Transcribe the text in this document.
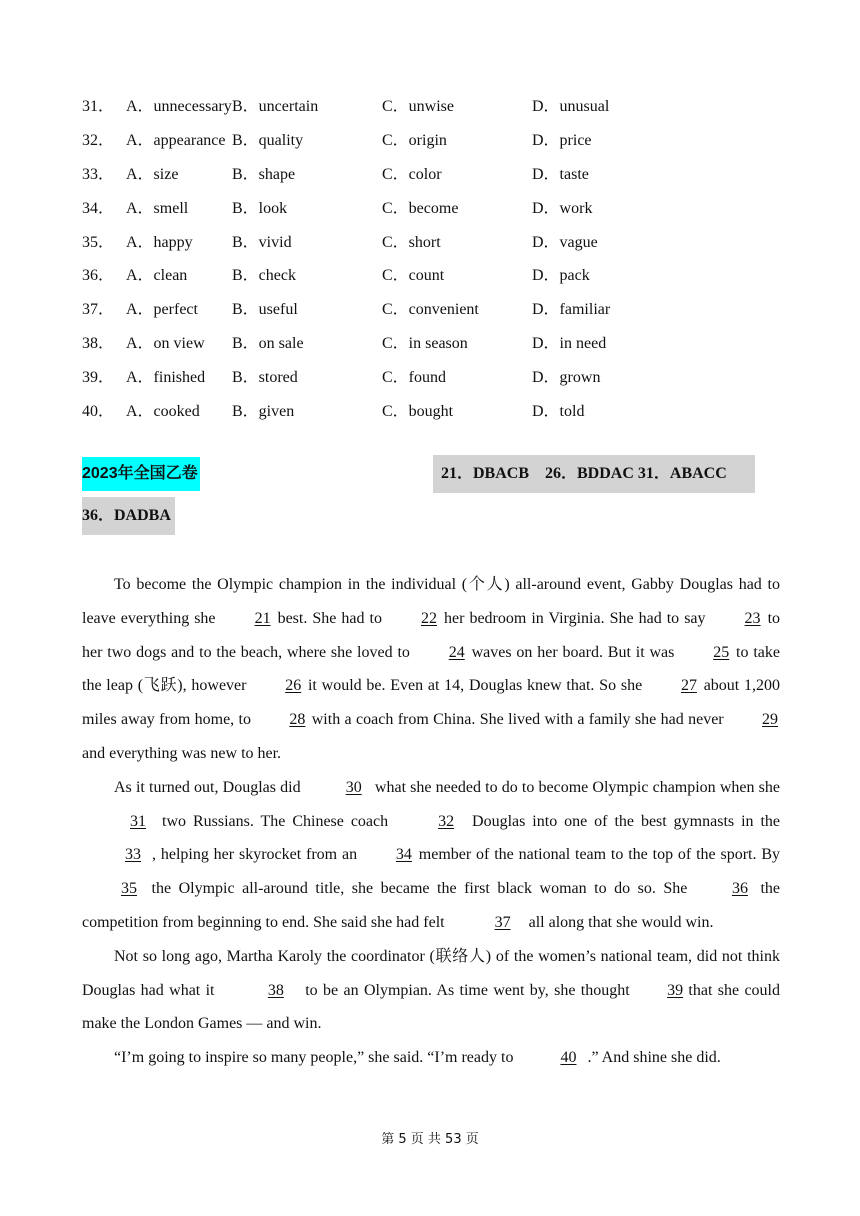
31． A．unnecessary B．uncertain	C．unwise	D．unusual
32． A．appearance B．quality	C．origin	D．price
33． A．size	B．shape	C．color	D．taste
34． A．smell	B．look	C．become	D．work
35． A．happy	B．vivid	C．short	D．vague
36． A．clean	B．check	C．count	D．pack
37． A．perfect	B．useful	C．convenient	D．familiar
38． A．on view	B．on sale	C．in season	D．in need
39． A．finished	B．stored	C．found	D．grown
40． A．cooked	B．given	C．bought	D．told
2023年全国乙卷	21．DBACB　26．BDDAC 31．ABACC
36．DADBA

To become the Olympic champion in the individual (个人) all-around event, Gabby Douglas had to leave everything she 21 best. She had to 22 her bedroom in Virginia. She had to say 23 to her two dogs and to the beach, where she loved to 24 waves on her board. But it was 25 to take the leap (飞跃), however 26 it would be. Even at 14, Douglas knew that. So she 27 about 1,200 miles away from home, to 28 with a coach from China. She lived with a family she had never 29 and everything was new to her.

As it turned out, Douglas did	30 what she needed to do to become Olympic champion when she 31 two Russians. The Chinese coach	32 Douglas into one of the best gymnasts in the 33 , helping her skyrocket from an 34 member of the national team to the top of the sport. By 35 the Olympic all-around title, she became the first black woman to do so. She 36 the competition from beginning to end. She said she had felt	37 all along that she would win.

Not so long ago, Martha Karoly the coordinator (联络人) of the women’s national team, did not think Douglas had what it	38 to be an Olympian. As time went by, she thought 39 that she could make the London Games — and win.

“I’m going to inspire so many people,” she said. “I’m ready to	40 .” And shine she did.

第 5 页 共 53 页
